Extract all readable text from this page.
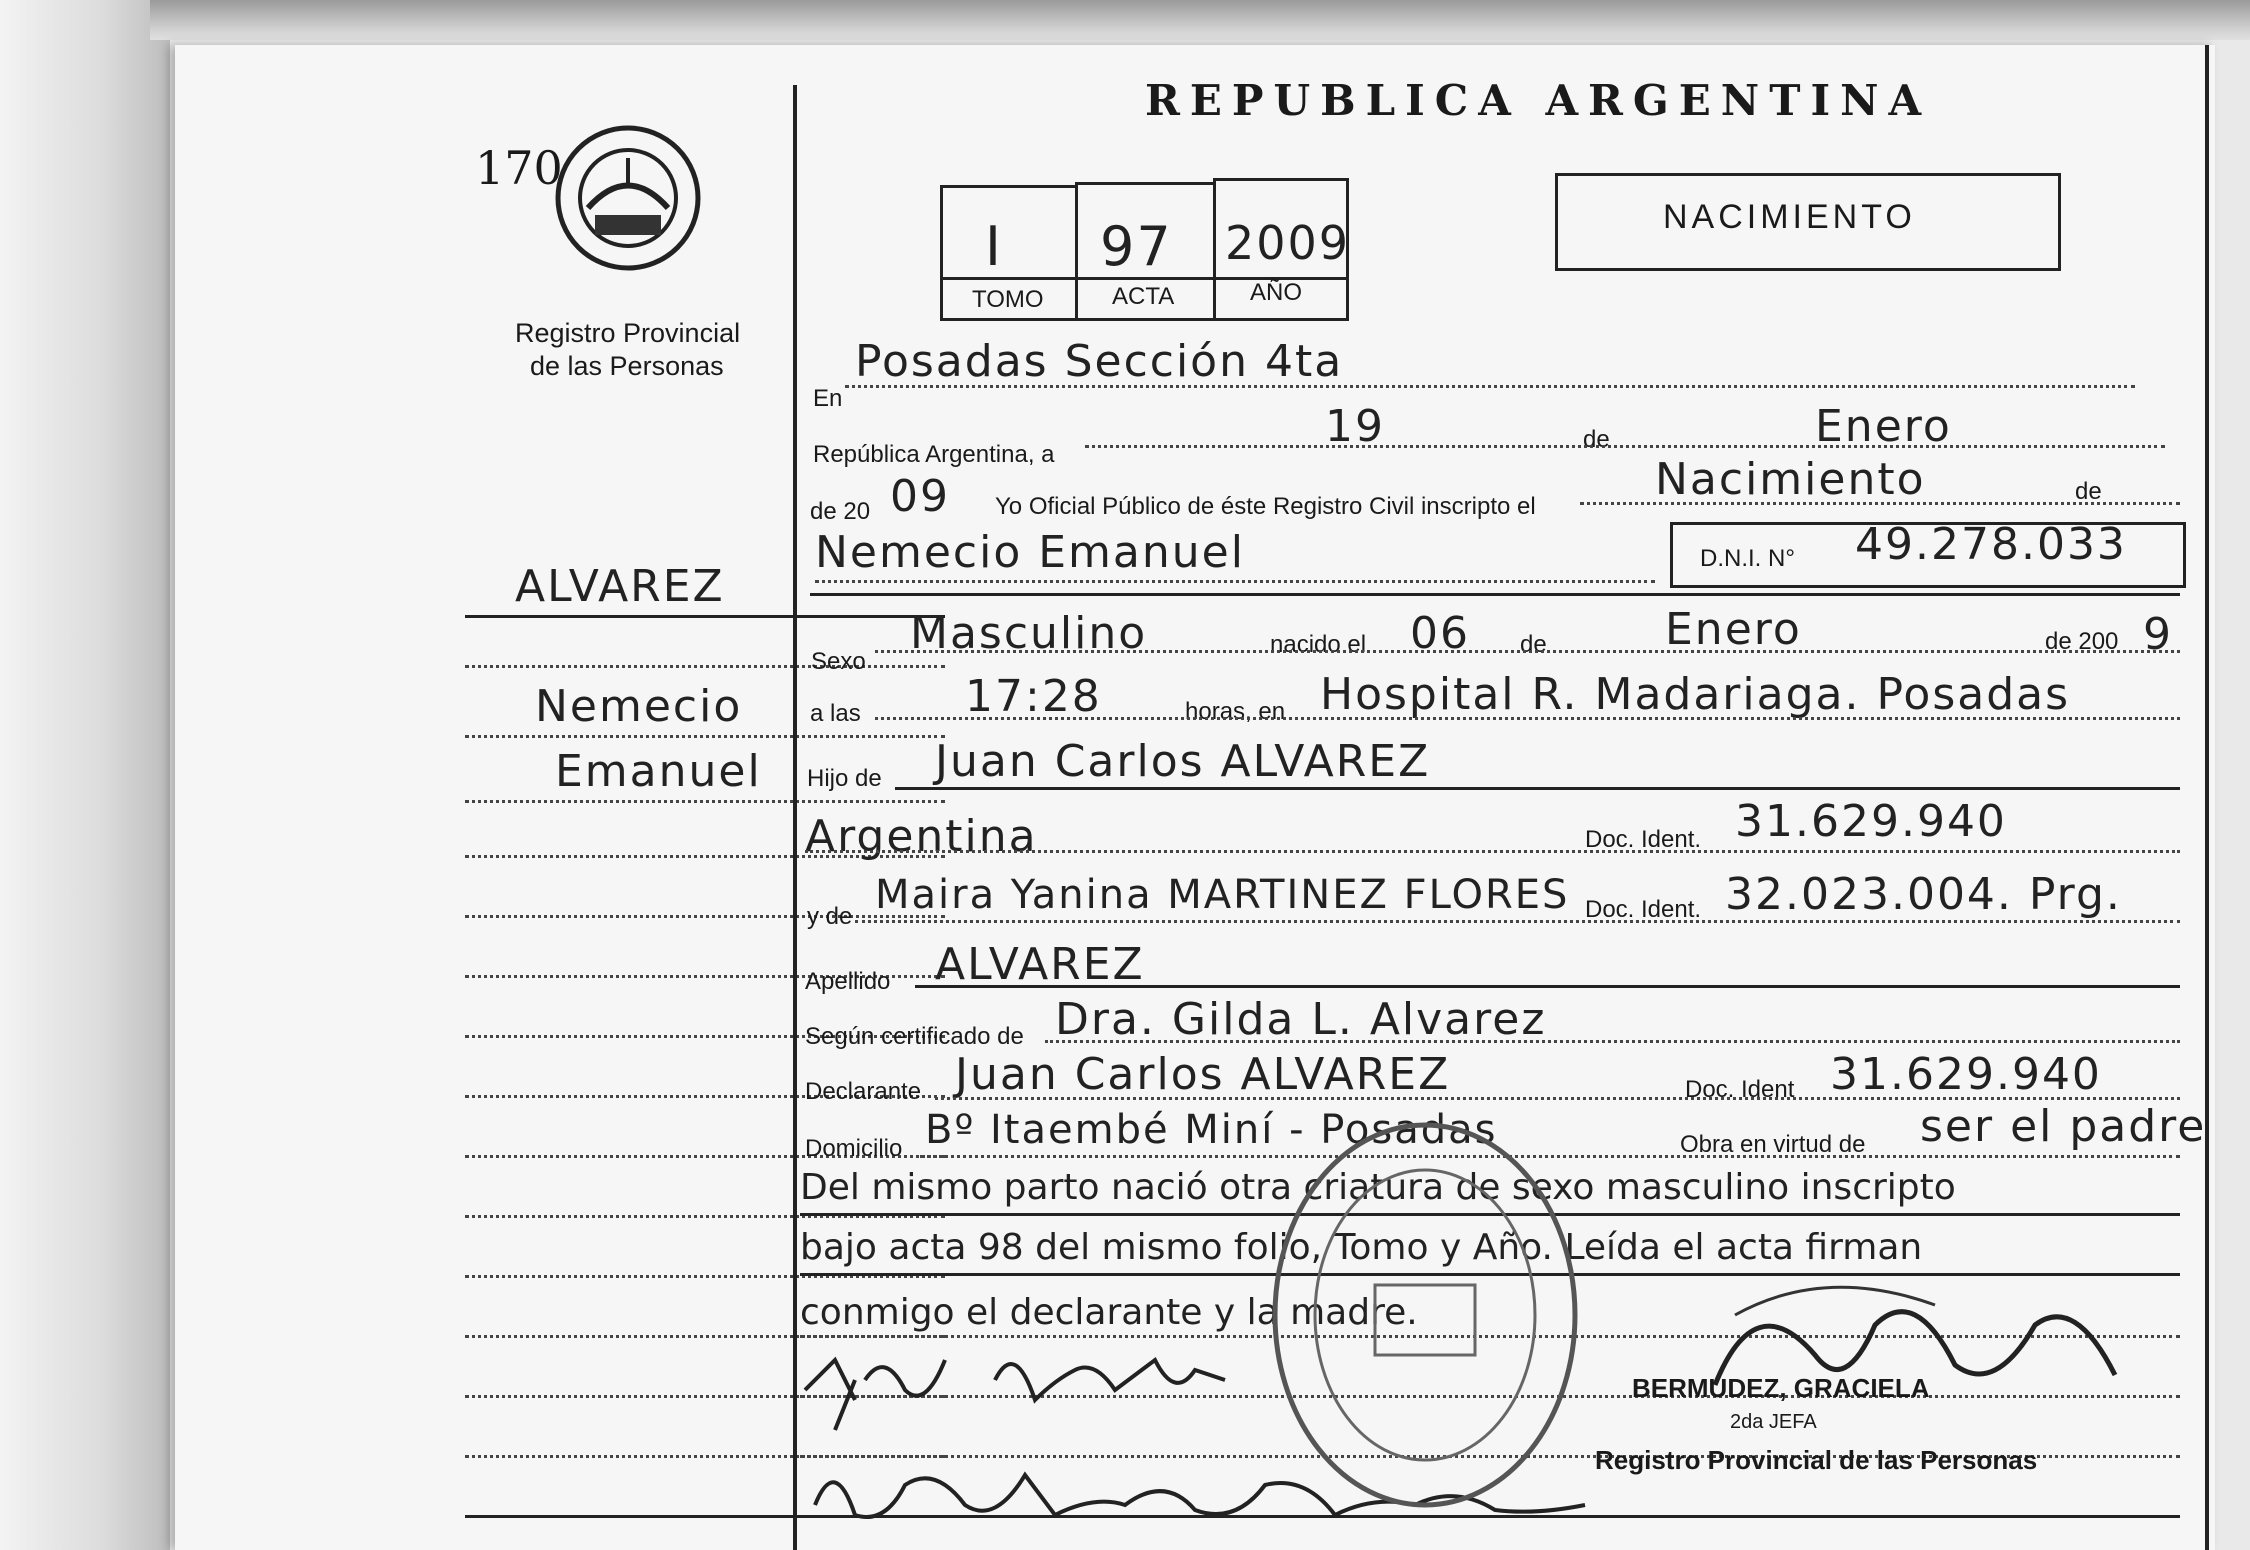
170
Registro Provincial
de las Personas
ALVAREZ
Nemecio
Emanuel
REPUBLICA ARGENTINA
NACIMIENTO
I 97 2009
TOMO	ACTA	AÑO
En
Posadas Sección 4ta
República Argentina, a
19	de	Enero
de 20 09 Yo Oficial Público de éste Registro Civil inscripto el
Nacimiento	de
Nemecio Emanuel	D.N.I. N° 49.278.033
Sexo
Masculino	nacido el 06 de	Enero	de 200 9
a las 17:28	horas, en Hospital R. Madariaga. Posadas
Hijo de Juan Carlos ALVAREZ
Argentina	Doc. Ident. 31.629.940
y de Maira Yanina MARTINEZ FLORES Doc. Ident. 32.023.004. Prg.
Apellido ALVAREZ
Según certificado de Dra. Gilda L. Alvarez
Declarante Juan Carlos ALVAREZ	Doc. Ident 31.629.940
Domicilio Bº Itaembé Miní - Posadas	Obra en virtud de ser el padre
Del mismo parto nació otra criatura de sexo masculino inscripto
bajo acta 98 del mismo folio, Tomo y Año. Leída el acta firman
conmigo el declarante y la madre.
BERMUDEZ, GRACIELA
2da JEFA
Registro Provincial de las Personas
